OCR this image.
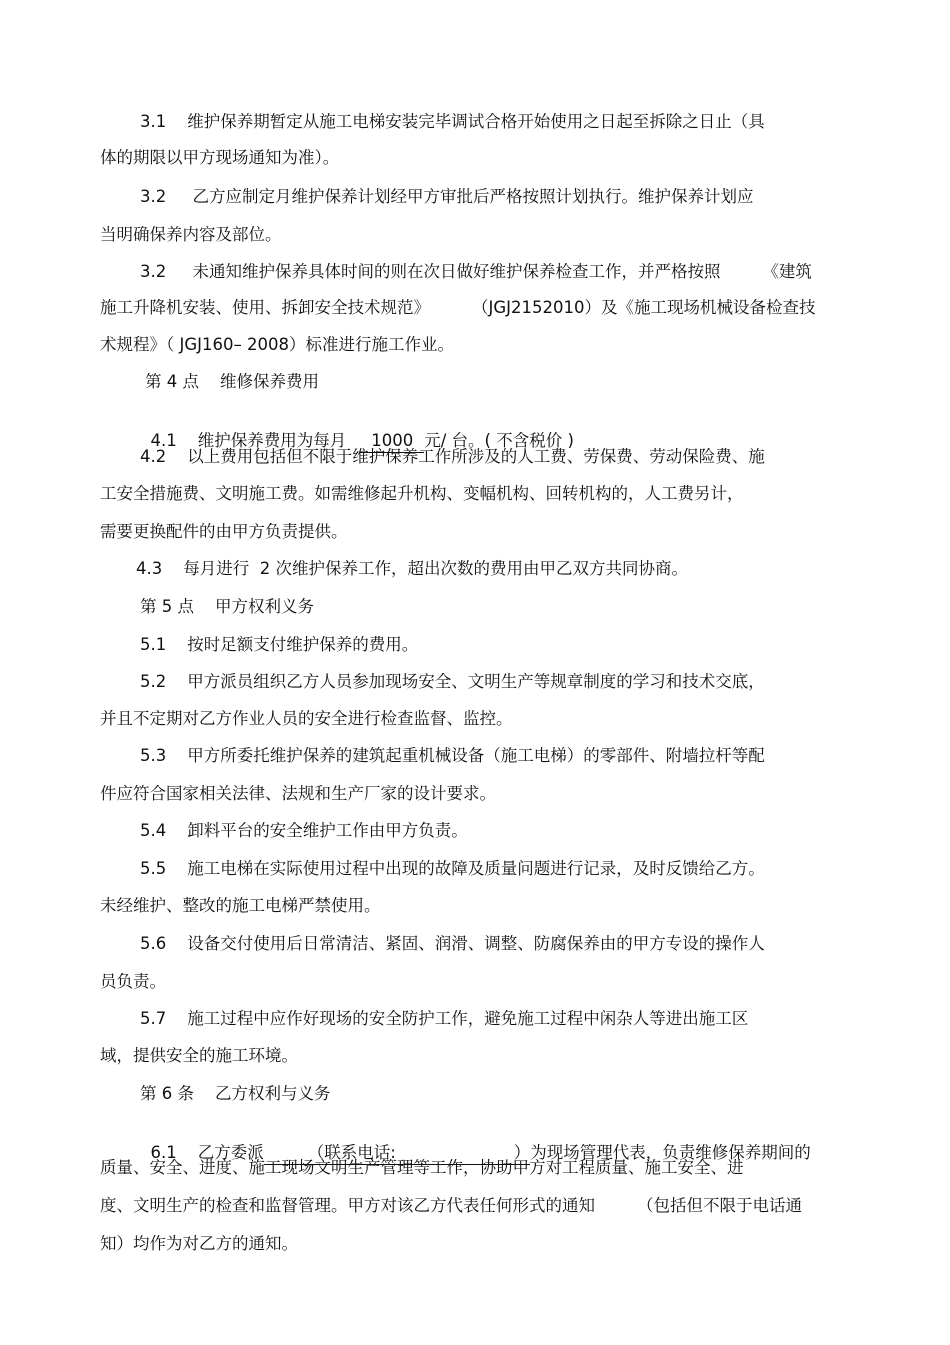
3.1    维护保养期暂定从施工电梯安装完毕调试合格开始使用之日起至拆除之日止（具
体的期限以甲方现场通知为准）。
3.2     乙方应制定月维护保养计划经甲方审批后严格按照计划执行。维护保养计划应
当明确保养内容及部位。
3.2     未通知维护保养具体时间的则在次日做好维护保养检查工作，并严格按照        《建筑
施工升降机安装、使用、拆卸安全技术规范》        （JGJ2152010）及《施工现场机械设备检查技
术规程》（ JGJ160– 2008）标准进行施工作业。
第 4 点    维修保养费用

4.1    维护保养费用为每月 1000 元/ 台。( 不含税价 )

4.2    以上费用包括但不限于维护保养工作所涉及的人工费、劳保费、劳动保险费、施
工安全措施费、文明施工费。如需维修起升机构、变幅机构、回转机构的，人工费另计，
需要更换配件的由甲方负责提供。
4.3    每月进行  2 次维护保养工作，超出次数的费用由甲乙双方共同协商。
第 5 点    甲方权利义务
5.1    按时足额支付维护保养的费用。
5.2    甲方派员组织乙方人员参加现场安全、文明生产等规章制度的学习和技术交底，
并且不定期对乙方作业人员的安全进行检查监督、监控。
5.3    甲方所委托维护保养的建筑起重机械设备（施工电梯）的零部件、附墙拉杆等配
件应符合国家相关法律、法规和生产厂家的设计要求。
5.4    卸料平台的安全维护工作由甲方负责。
5.5    施工电梯在实际使用过程中出现的故障及质量问题进行记录，及时反馈给乙方。
未经维护、整改的施工电梯严禁使用。
5.6    设备交付使用后日常清洁、紧固、润滑、调整、防腐保养由的甲方专设的操作人
员负责。
5.7    施工过程中应作好现场的安全防护工作，避免施工过程中闲杂人等进出施工区
域，提供安全的施工环境。
第 6 条    乙方权利与义务

6.1    乙方委派	（联系电话:	）为现场管理代表，负责维修保养期间的

质量、安全、进度、施工现场文明生产管理等工作，协助甲方对工程质量、施工安全、进
度、文明生产的检查和监督管理。甲方对该乙方代表任何形式的通知        （包括但不限于电话通
知）均作为对乙方的通知。
